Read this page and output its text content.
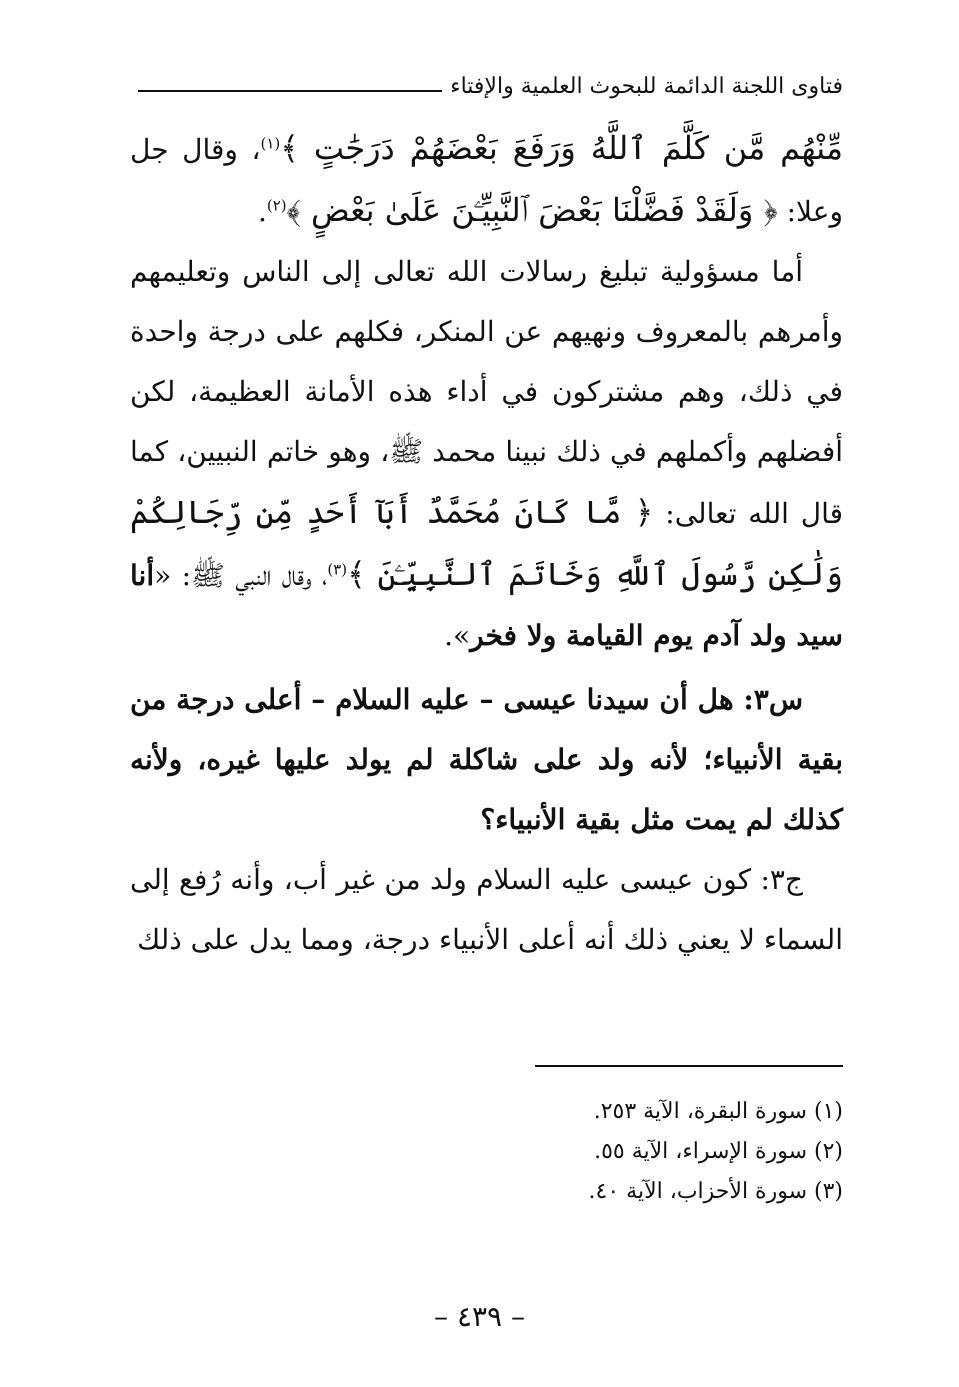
فتاوى اللجنة الدائمة للبحوث العلمية والإفتاء

مِّنْهُم مَّن كَلَّمَ ٱللَّهُ وَرَفَعَ بَعْضَهُمْ دَرَجَٰتٍ ﴾$^{(١)}$، وقال جل وعلا: ﴿ وَلَقَدْ فَضَّلْنَا بَعْضَ ٱلنَّبِيِّـۧنَ عَلَىٰ بَعْضٍ ﴾$^{(٢)}$.

أما مسؤولية تبليغ رسالات الله تعالى إلى الناس وتعليمهم وأمرهم بالمعروف ونهيهم عن المنكر، فكلهم على درجة واحدة في ذلك، وهم مشتركون في أداء هذه الأمانة العظيمة، لكن أفضلهم وأكملهم في ذلك نبينا محمد ﷺ، وهو خاتم النبيين، كما قال الله تعالى: ﴿ مَّا كَانَ مُحَمَّدٌ أَبَآ أَحَدٍ مِّن رِّجَالِكُمْ وَلَٰكِن رَّسُولَ ٱللَّهِ وَخَاتَمَ ٱلنَّبِيِّـۧنَ ﴾$^{(٣)}$، وقال النبي ﷺ: «أنا سيد ولد آدم يوم القيامة ولا فخر».

س٣: هل أن سيدنا عيسى – عليه السلام – أعلى درجة من بقية الأنبياء؛ لأنه ولد على شاكلة لم يولد عليها غيره، ولأنه كذلك لم يمت مثل بقية الأنبياء؟

ج٣: كون عيسى عليه السلام ولد من غير أب، وأنه رُفع إلى السماء لا يعني ذلك أنه أعلى الأنبياء درجة، ومما يدل على ذلك

(١) سورة البقرة، الآية ٢٥٣.
(٢) سورة الإسراء، الآية ٥٥.
(٣) سورة الأحزاب، الآية ٤٠.
– ٤٣٩ –
